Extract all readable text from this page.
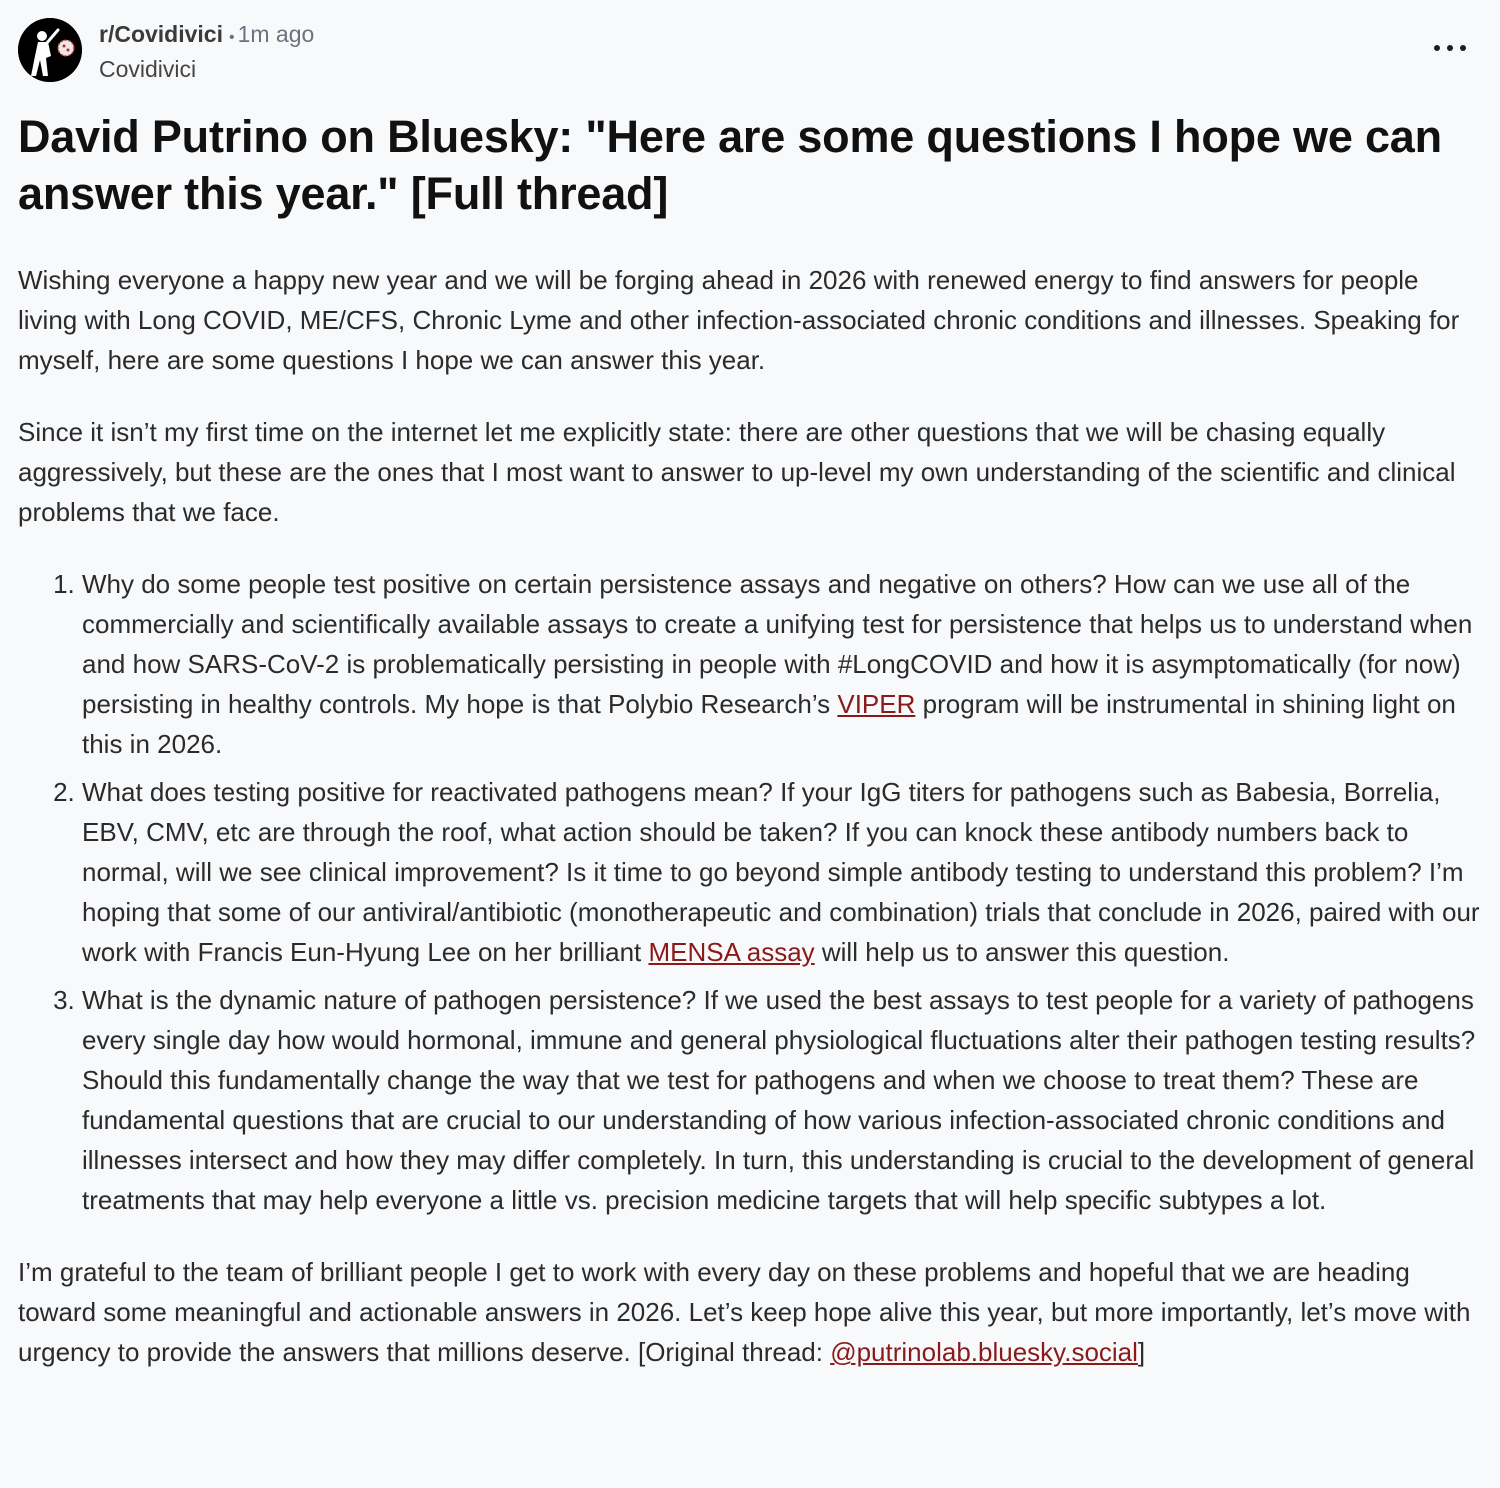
r/Covidivici • 1m ago
Covidivici
David Putrino on Bluesky: "Here are some questions I hope we can answer this year." [Full thread]

Wishing everyone a happy new year and we will be forging ahead in 2026 with renewed energy to find answers for people living with Long COVID, ME/CFS, Chronic Lyme and other infection-associated chronic conditions and illnesses. Speaking for myself, here are some questions I hope we can answer this year.

Since it isn’t my first time on the internet let me explicitly state: there are other questions that we will be chasing equally aggressively, but these are the ones that I most want to answer to up-level my own understanding of the scientific and clinical problems that we face.

1. Why do some people test positive on certain persistence assays and negative on others? How can we use all of the commercially and scientifically available assays to create a unifying test for persistence that helps us to understand when and how SARS-CoV-2 is problematically persisting in people with #LongCOVID and how it is asymptomatically (for now) persisting in healthy controls. My hope is that Polybio Research’s VIPER program will be instrumental in shining light on this in 2026.
2. What does testing positive for reactivated pathogens mean? If your IgG titers for pathogens such as Babesia, Borrelia, EBV, CMV, etc are through the roof, what action should be taken? If you can knock these antibody numbers back to normal, will we see clinical improvement? Is it time to go beyond simple antibody testing to understand this problem? I’m hoping that some of our antiviral/antibiotic (monotherapeutic and combination) trials that conclude in 2026, paired with our work with Francis Eun-Hyung Lee on her brilliant MENSA assay will help us to answer this question.
3. What is the dynamic nature of pathogen persistence? If we used the best assays to test people for a variety of pathogens every single day how would hormonal, immune and general physiological fluctuations alter their pathogen testing results? Should this fundamentally change the way that we test for pathogens and when we choose to treat them? These are fundamental questions that are crucial to our understanding of how various infection-associated chronic conditions and illnesses intersect and how they may differ completely. In turn, this understanding is crucial to the development of general treatments that may help everyone a little vs. precision medicine targets that will help specific subtypes a lot.

I’m grateful to the team of brilliant people I get to work with every day on these problems and hopeful that we are heading toward some meaningful and actionable answers in 2026. Let’s keep hope alive this year, but more importantly, let’s move with urgency to provide the answers that millions deserve. [Original thread: @putrinolab.bluesky.social]
